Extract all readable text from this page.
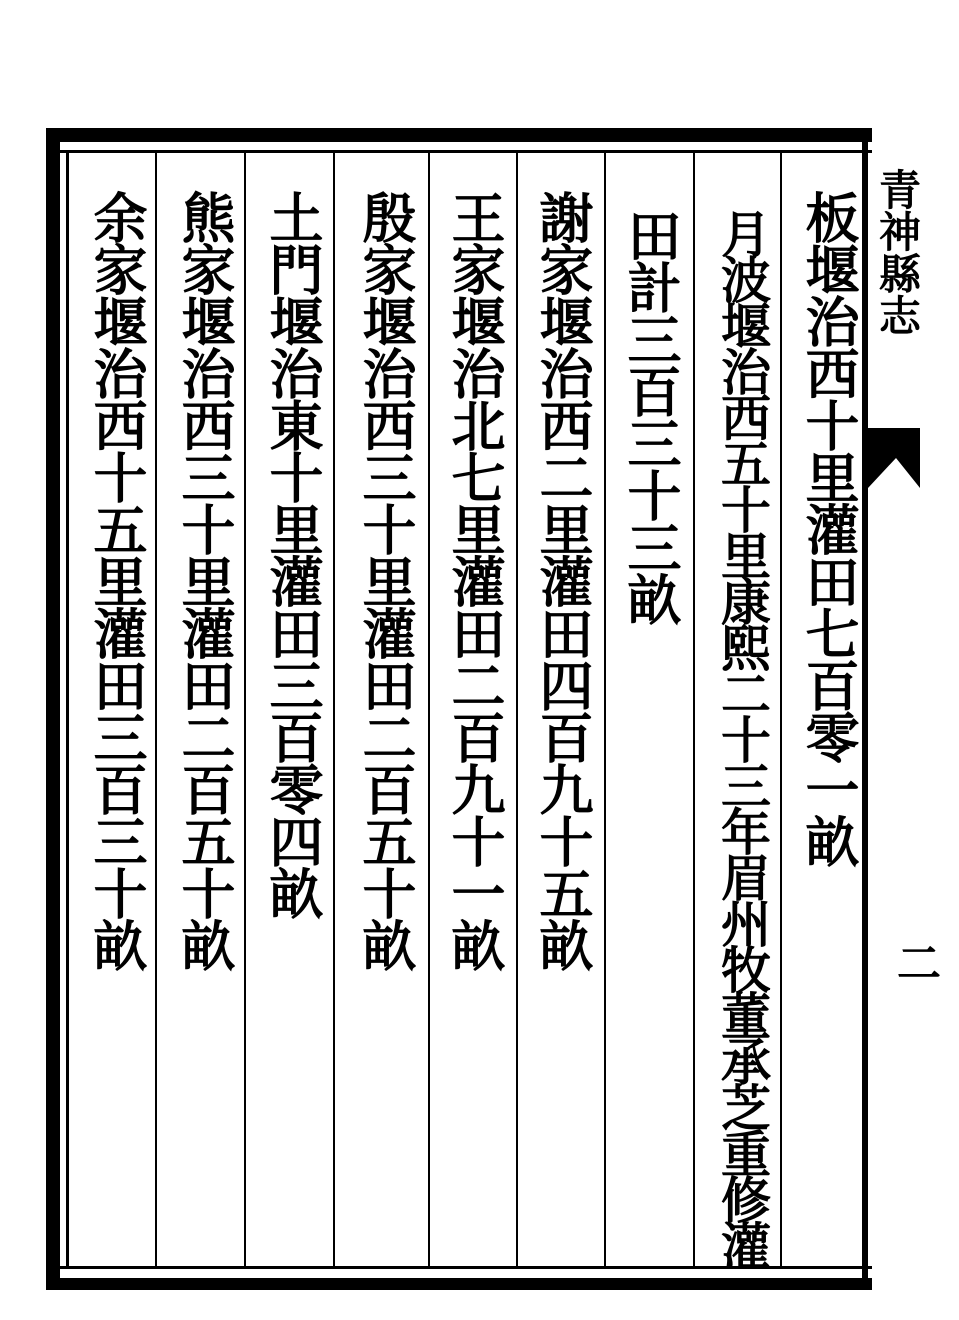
板堰治西十里灌田七百零一畝
月波堰治西五十里康熙二十三年眉州牧董承芝重修灌
田計三百三十三畝
謝家堰治西二里灌田四百九十五畝
王家堰治北七里灌田二百九十一畝
殷家堰治西三十里灌田二百五十畝
土門堰治東十里灌田三百零四畝
熊家堰治西三十里灌田二百五十畝
余家堰治西十五里灌田三百三十畝	青神縣志
二
